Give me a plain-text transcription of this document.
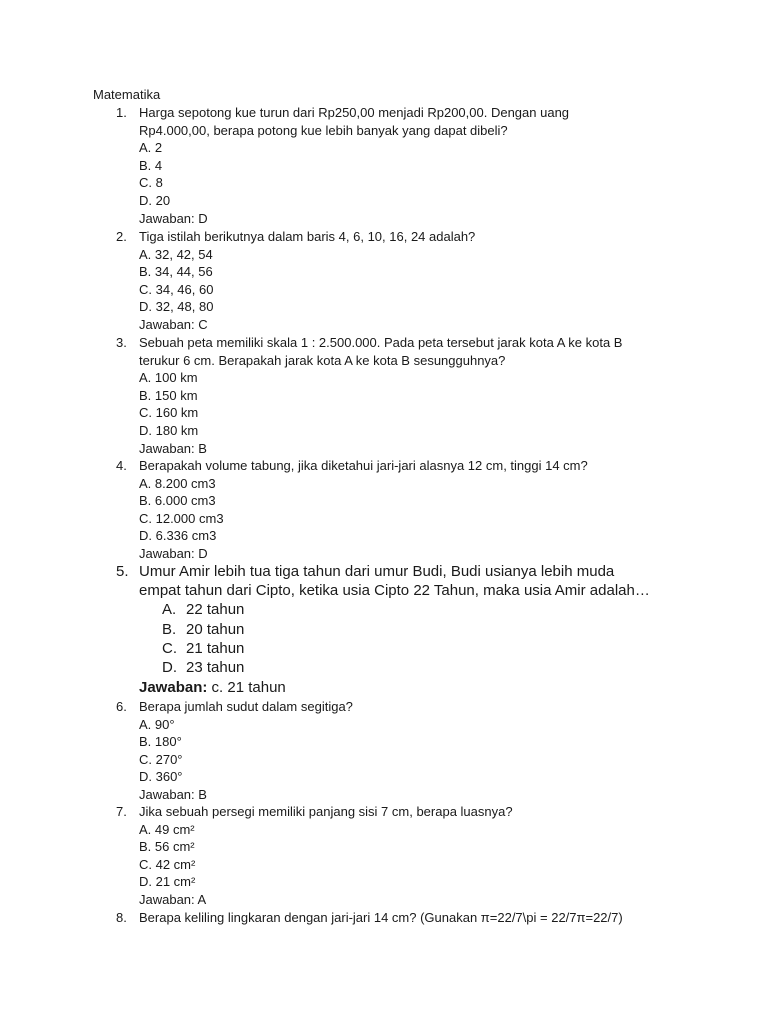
Matematika
1. Harga sepotong kue turun dari Rp250,00 menjadi Rp200,00. Dengan uang
Rp4.000,00, berapa potong kue lebih banyak yang dapat dibeli?
A. 2
B. 4
C. 8
D. 20
Jawaban: D
2. Tiga istilah berikutnya dalam baris 4, 6, 10, 16, 24 adalah?
A. 32, 42, 54
B. 34, 44, 56
C. 34, 46, 60
D. 32, 48, 80
Jawaban: C
3. Sebuah peta memiliki skala 1 : 2.500.000. Pada peta tersebut jarak kota A ke kota B
terukur 6 cm. Berapakah jarak kota A ke kota B sesungguhnya?
A. 100 km
B. 150 km
C. 160 km
D. 180 km
Jawaban: B
4. Berapakah volume tabung, jika diketahui jari-jari alasnya 12 cm, tinggi 14 cm?
A. 8.200 cm3
B. 6.000 cm3
C. 12.000 cm3
D. 6.336 cm3
Jawaban: D
5. Umur Amir lebih tua tiga tahun dari umur Budi, Budi usianya lebih muda
empat tahun dari Cipto, ketika usia Cipto 22 Tahun, maka usia Amir adalah…
A. 22 tahun
B. 20 tahun
C. 21 tahun
D. 23 tahun
Jawaban: c. 21 tahun
6. Berapa jumlah sudut dalam segitiga?
A. 90°
B. 180°
C. 270°
D. 360°
Jawaban: B
7. Jika sebuah persegi memiliki panjang sisi 7 cm, berapa luasnya?
A. 49 cm²
B. 56 cm²
C. 42 cm²
D. 21 cm²
Jawaban: A
8. Berapa keliling lingkaran dengan jari-jari 14 cm? (Gunakan π=22/7\pi = 22/7π=22/7)
